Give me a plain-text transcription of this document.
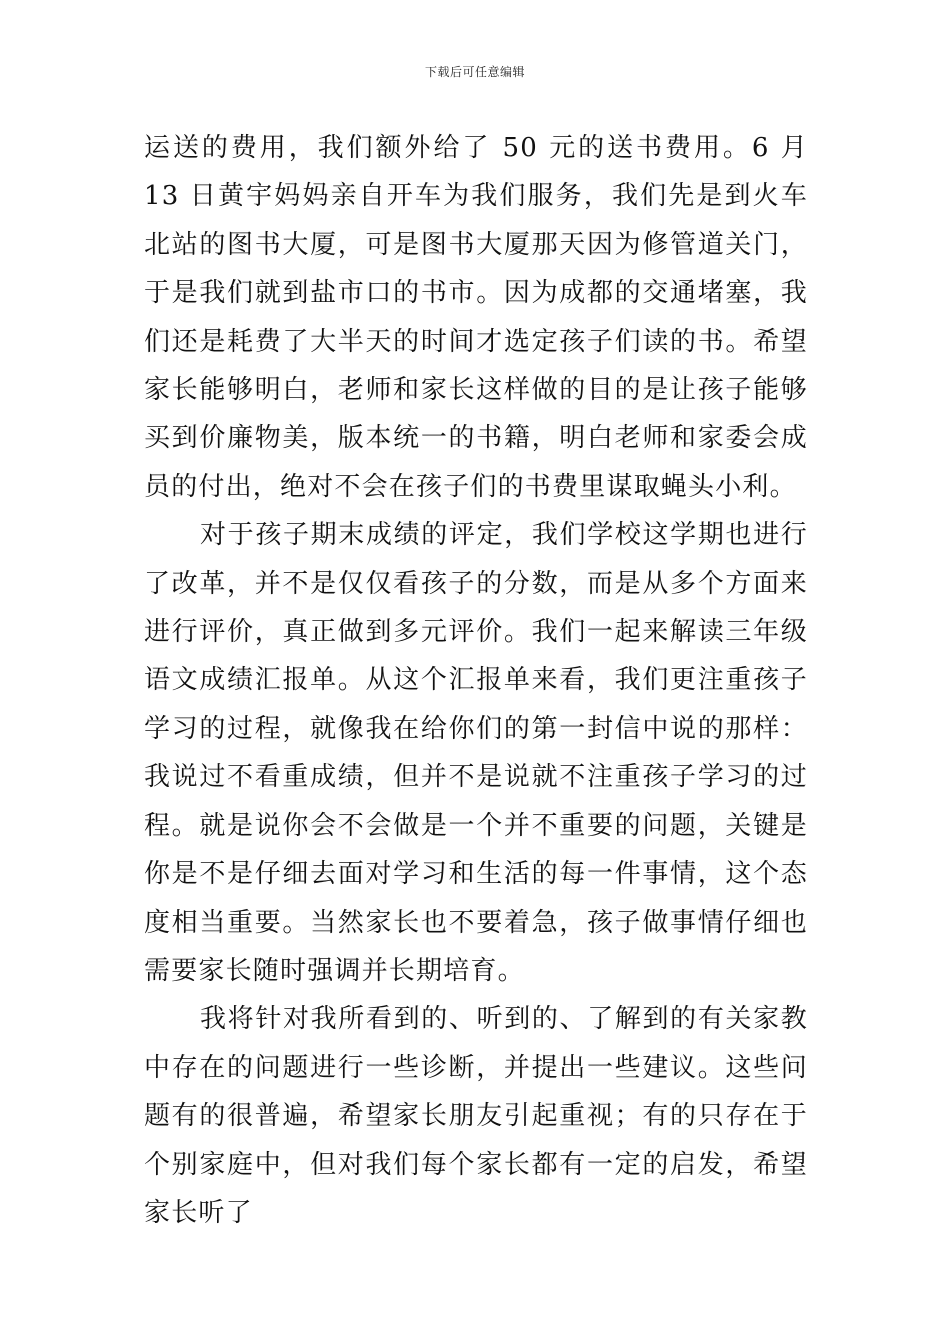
下载后可任意编辑

运送的费用，我们额外给了 50 元的送书费用。6 月 13 日黄宇妈妈亲自开车为我们服务，我们先是到火车北站的图书大厦，可是图书大厦那天因为修管道关门，于是我们就到盐市口的书市。因为成都的交通堵塞，我们还是耗费了大半天的时间才选定孩子们读的书。希望家长能够明白，老师和家长这样做的目的是让孩子能够买到价廉物美，版本统一的书籍，明白老师和家委会成员的付出，绝对不会在孩子们的书费里谋取蝇头小利。

对于孩子期末成绩的评定，我们学校这学期也进行了改革，并不是仅仅看孩子的分数，而是从多个方面来进行评价，真正做到多元评价。我们一起来解读三年级语文成绩汇报单。从这个汇报单来看，我们更注重孩子学习的过程，就像我在给你们的第一封信中说的那样：我说过不看重成绩，但并不是说就不注重孩子学习的过程。就是说你会不会做是一个并不重要的问题，关键是你是不是仔细去面对学习和生活的每一件事情，这个态度相当重要。当然家长也不要着急，孩子做事情仔细也需要家长随时强调并长期培育。

我将针对我所看到的、听到的、了解到的有关家教中存在的问题进行一些诊断，并提出一些建议。这些问题有的很普遍，希望家长朋友引起重视；有的只存在于个别家庭中，但对我们每个家长都有一定的启发，希望家长听了
